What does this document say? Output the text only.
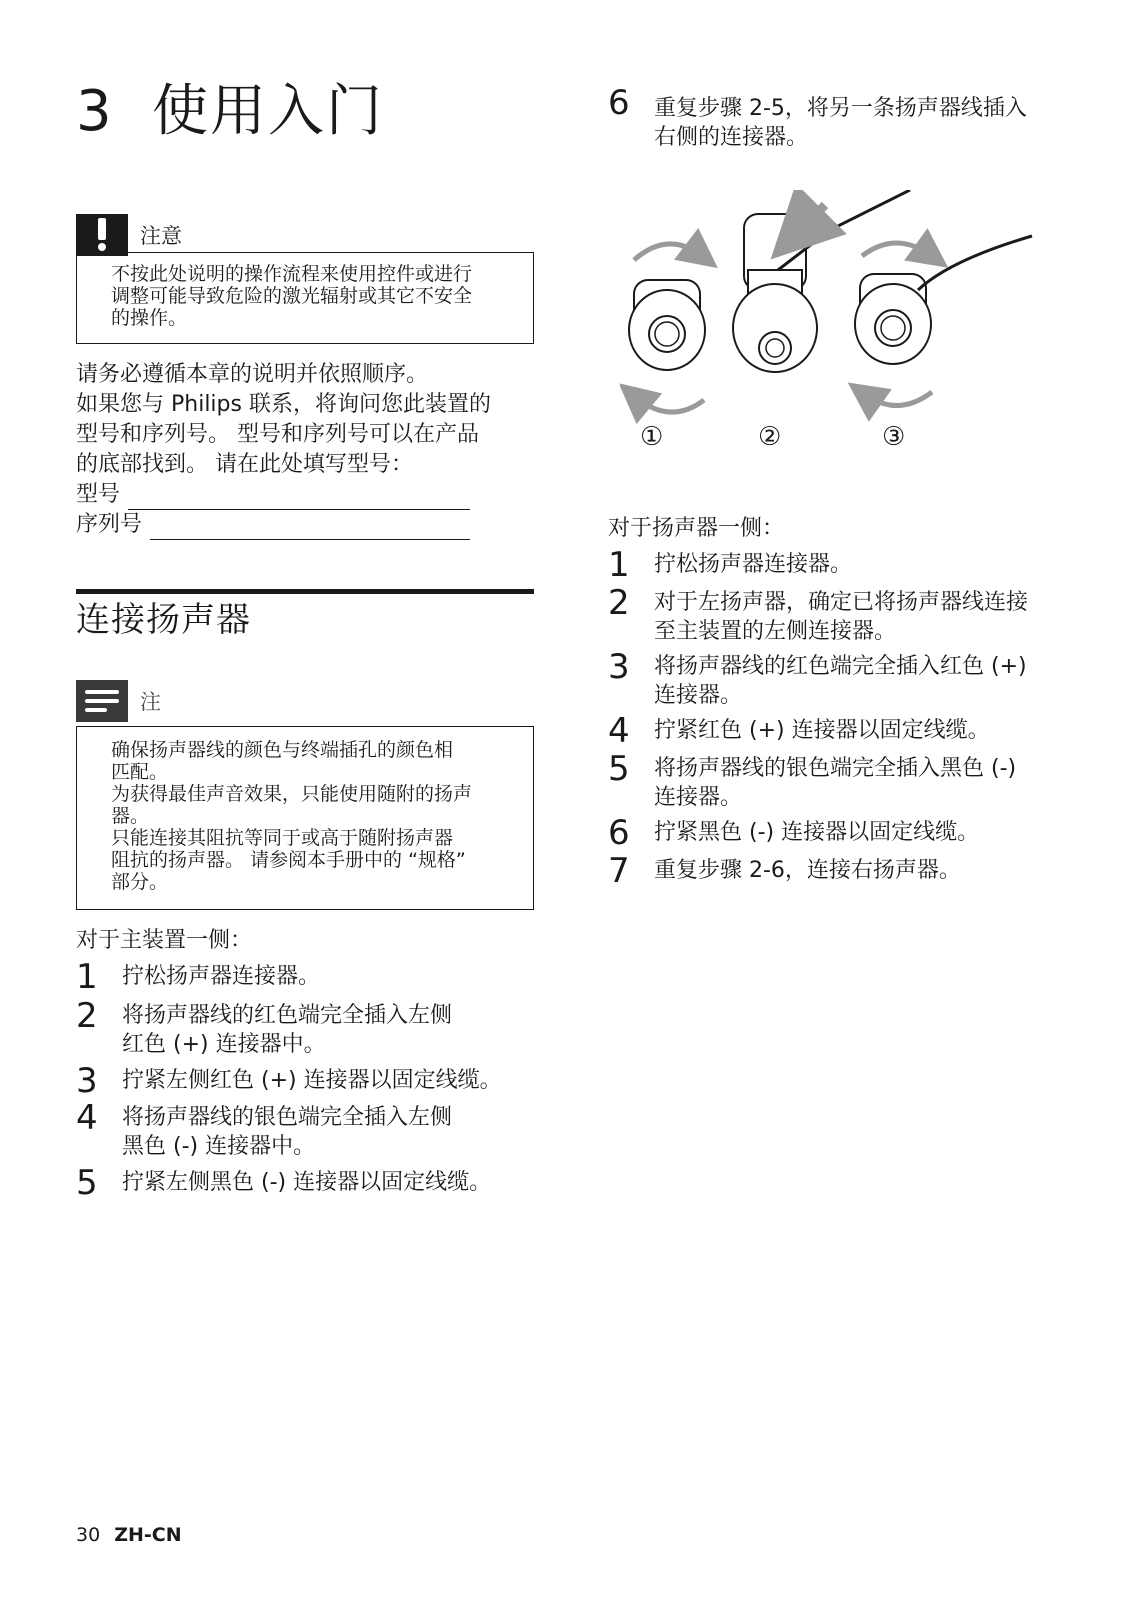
3 使用入门
注意
不按此处说明的操作流程来使用控件或进行
调整可能导致危险的激光辐射或其它不安全
的操作。
请务必遵循本章的说明并依照顺序。
如果您与 Philips 联系，将询问您此装置的
型号和序列号。 型号和序列号可以在产品
的底部找到。 请在此处填写型号：
型号
序列号
连接扬声器
注
确保扬声器线的颜色与终端插孔的颜色相
匹配。
为获得最佳声音效果，只能使用随附的扬声
器。
只能连接其阻抗等同于或高于随附扬声器
阻抗的扬声器。 请参阅本手册中的 “规格”
部分。
对于主装置一侧：
1	拧松扬声器连接器。
2	将扬声器线的红色端完全插入左侧
红色 (+) 连接器中。
3	拧紧左侧红色 (+) 连接器以固定线缆。
4	将扬声器线的银色端完全插入左侧
黑色 (-) 连接器中。
5	拧紧左侧黑色 (-) 连接器以固定线缆。
6	重复步骤 2-5，将另一条扬声器线插入
右侧的连接器。
①	②	③
对于扬声器一侧：
1	拧松扬声器连接器。
2	对于左扬声器，确定已将扬声器线连接
至主装置的左侧连接器。
3	将扬声器线的红色端完全插入红色 (+)
连接器。
4	拧紧红色 (+) 连接器以固定线缆。
5	将扬声器线的银色端完全插入黑色 (-)
连接器。
6	拧紧黑色 (-) 连接器以固定线缆。
7	重复步骤 2-6，连接右扬声器。
30 ZH-CN
